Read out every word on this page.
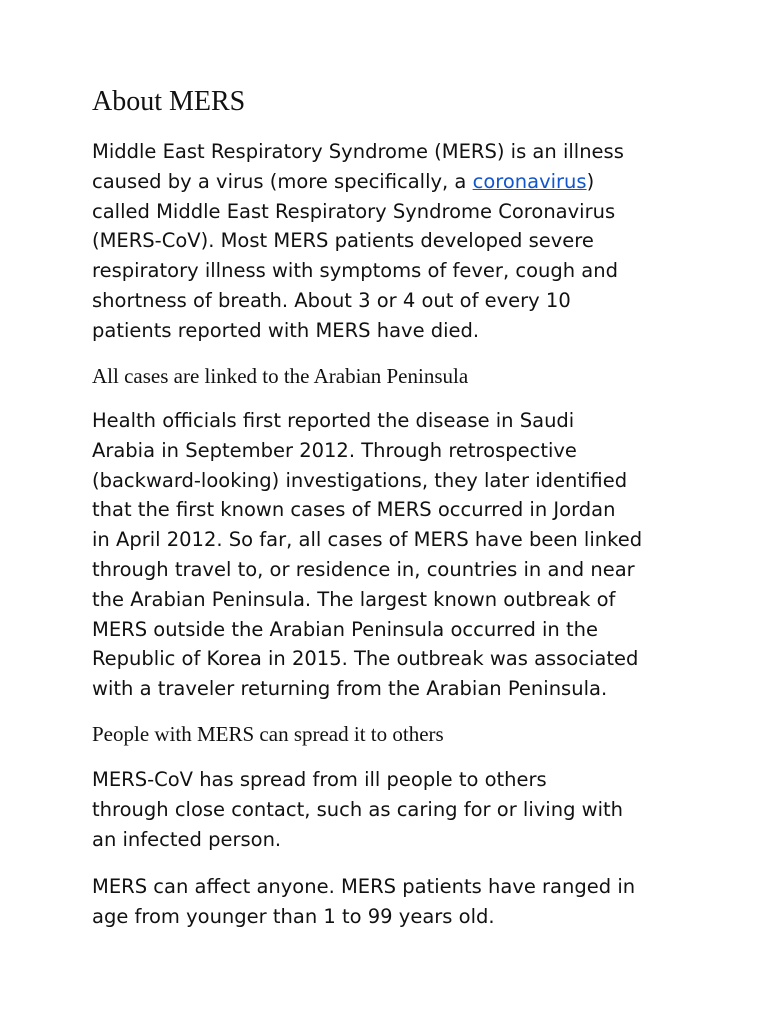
About MERS

Middle East Respiratory Syndrome (MERS) is an illness
caused by a virus (more specifically, a coronavirus)
called Middle East Respiratory Syndrome Coronavirus
(MERS-CoV). Most MERS patients developed severe
respiratory illness with symptoms of fever, cough and
shortness of breath. About 3 or 4 out of every 10
patients reported with MERS have died.

All cases are linked to the Arabian Peninsula

Health officials first reported the disease in Saudi
Arabia in September 2012. Through retrospective
(backward-looking) investigations, they later identified
that the first known cases of MERS occurred in Jordan
in April 2012. So far, all cases of MERS have been linked
through travel to, or residence in, countries in and near
the Arabian Peninsula. The largest known outbreak of
MERS outside the Arabian Peninsula occurred in the
Republic of Korea in 2015. The outbreak was associated
with a traveler returning from the Arabian Peninsula.

People with MERS can spread it to others

MERS-CoV has spread from ill people to others
through close contact, such as caring for or living with
an infected person.

MERS can affect anyone. MERS patients have ranged in
age from younger than 1 to 99 years old.
